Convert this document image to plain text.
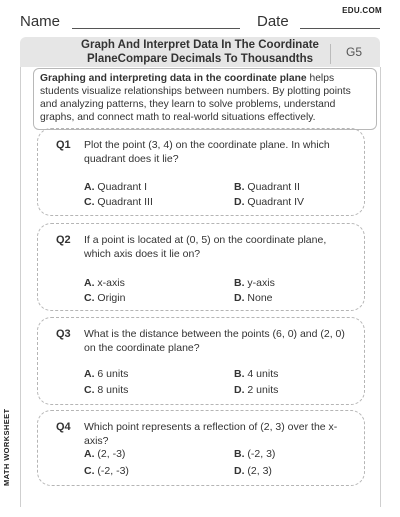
Name	Date
EDU.COM
Graph And Interpret Data In The Coordinate
PlaneCompare Decimals To Thousandths	G5
Graphing and interpreting data in the coordinate plane helps students visualize relationships between numbers. By plotting points and analyzing patterns, they learn to solve problems, understand graphs, and connect math to real-world situations effectively.
Q1 Plot the point (3, 4) on the coordinate plane. In which quadrant does it lie?
A. Quadrant I	B. Quadrant II
C. Quadrant III	D. Quadrant IV
Q2 If a point is located at (0, 5) on the coordinate plane, which axis does it lie on?
A. x-axis	B. y-axis
C. Origin	D. None
Q3 What is the distance between the points (6, 0) and (2, 0) on the coordinate plane?
A. 6 units	B. 4 units
C. 8 units	D. 2 units
Q4 Which point represents a reflection of (2, 3) over the x-axis?
A. (2, -3)	B. (-2, 3)
C. (-2, -3)	D. (2, 3)
MATH WORKSHEET
